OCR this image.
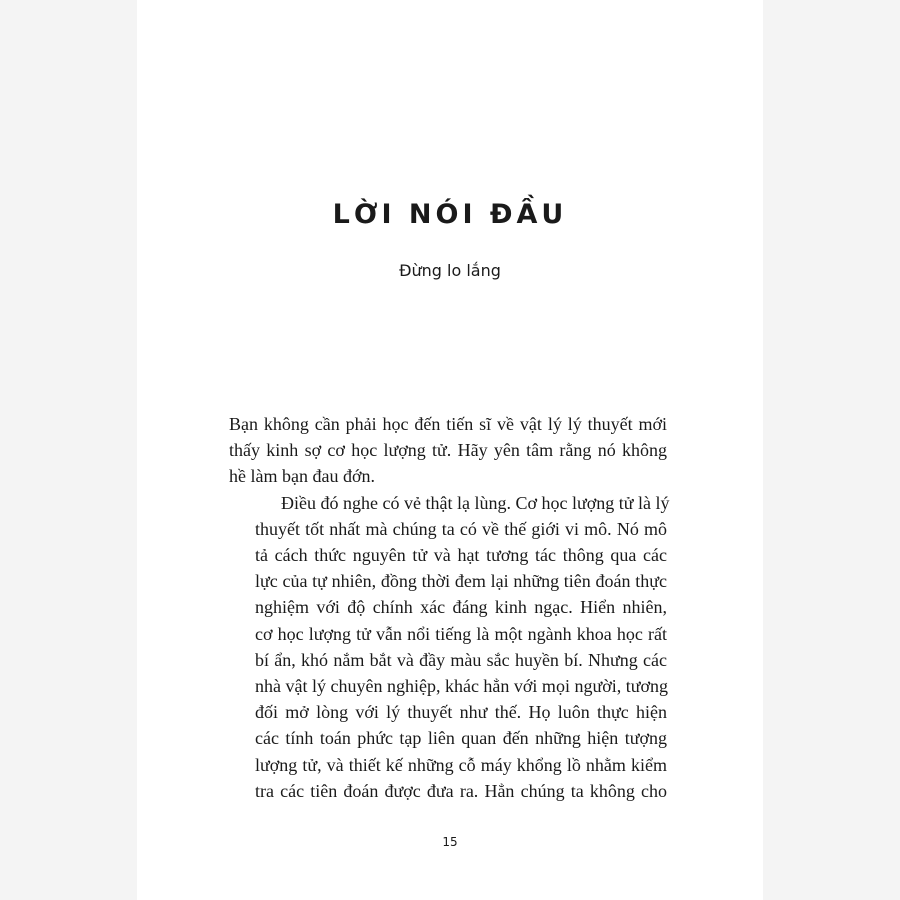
LỜI NÓI ĐẦU
Đừng lo lắng

Bạn không cần phải học đến tiến sĩ về vật lý lý thuyết mới
thấy kinh sợ cơ học lượng tử. Hãy yên tâm rằng nó không
hề làm bạn đau đớn.

Điều đó nghe có vẻ thật lạ lùng. Cơ học lượng tử là lý
thuyết tốt nhất mà chúng ta có về thế giới vi mô. Nó mô
tả cách thức nguyên tử và hạt tương tác thông qua các
lực của tự nhiên, đồng thời đem lại những tiên đoán thực
nghiệm với độ chính xác đáng kinh ngạc. Hiển nhiên,
cơ học lượng tử vẫn nổi tiếng là một ngành khoa học rất
bí ẩn, khó nắm bắt và đầy màu sắc huyền bí. Nhưng các
nhà vật lý chuyên nghiệp, khác hẳn với mọi người, tương
đối mở lòng với lý thuyết như thế. Họ luôn thực hiện
các tính toán phức tạp liên quan đến những hiện tượng
lượng tử, và thiết kế những cỗ máy khổng lồ nhằm kiểm
tra các tiên đoán được đưa ra. Hẳn chúng ta không cho

15
